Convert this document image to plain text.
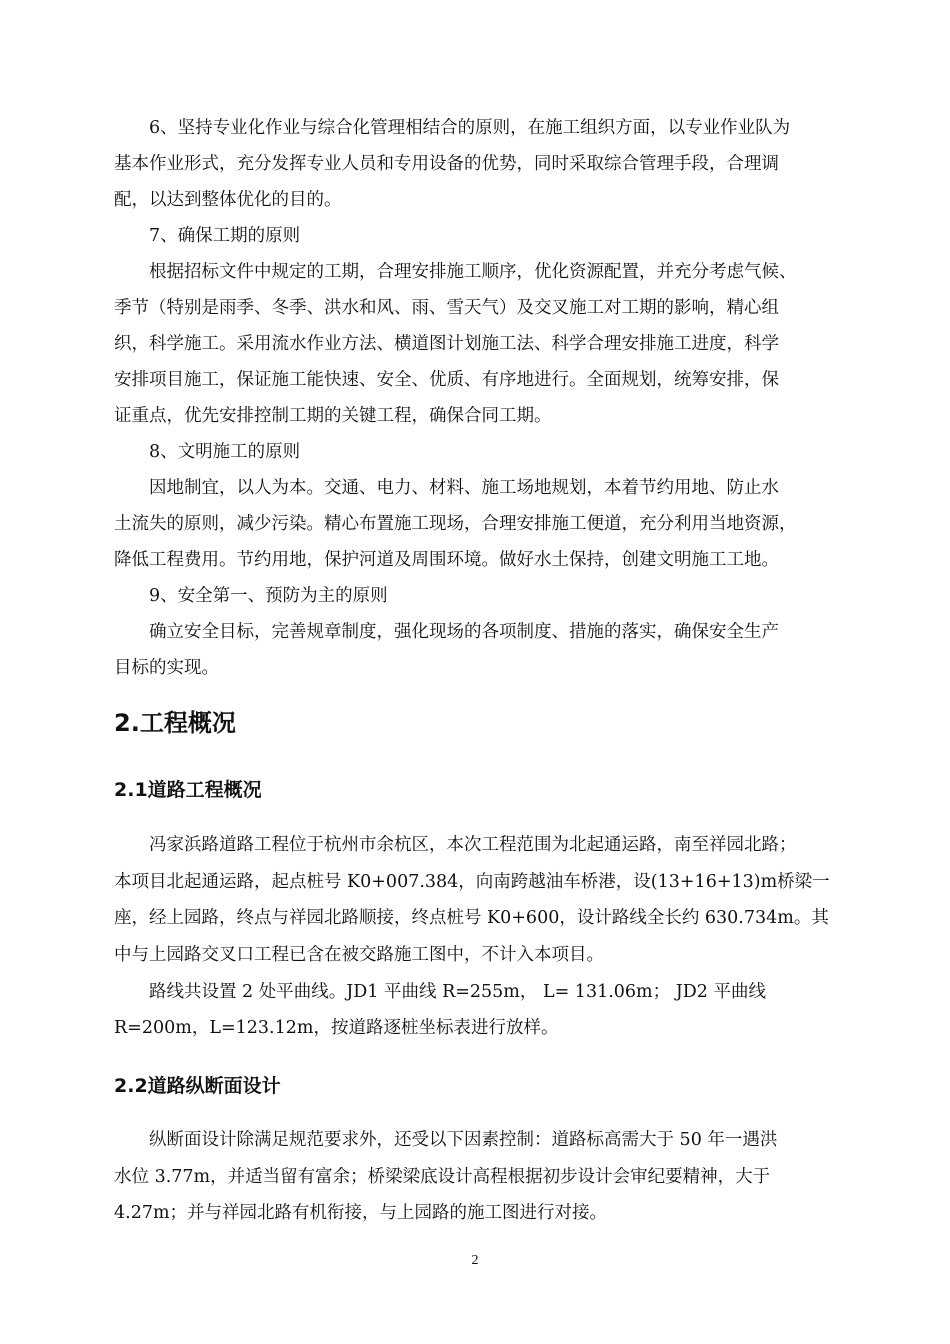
6、坚持专业化作业与综合化管理相结合的原则，在施工组织方面，以专业作业队为
基本作业形式，充分发挥专业人员和专用设备的优势，同时采取综合管理手段，合理调
配，以达到整体优化的目的。
7、确保工期的原则
根据招标文件中规定的工期，合理安排施工顺序，优化资源配置，并充分考虑气候、
季节（特别是雨季、冬季、洪水和风、雨、雪天气）及交叉施工对工期的影响，精心组
织，科学施工。采用流水作业方法、横道图计划施工法、科学合理安排施工进度，科学
安排项目施工，保证施工能快速、安全、优质、有序地进行。全面规划，统筹安排，保
证重点，优先安排控制工期的关键工程，确保合同工期。
8、文明施工的原则
因地制宜，以人为本。交通、电力、材料、施工场地规划，本着节约用地、防止水
土流失的原则，减少污染。精心布置施工现场，合理安排施工便道，充分利用当地资源，
降低工程费用。节约用地，保护河道及周围环境。做好水土保持，创建文明施工工地。
9、安全第一、预防为主的原则
确立安全目标，完善规章制度，强化现场的各项制度、措施的落实，确保安全生产
目标的实现。
2.工程概况
2.1道路工程概况
冯家浜路道路工程位于杭州市余杭区，本次工程范围为北起通运路，南至祥园北路；
本项目北起通运路，起点桩号 K0+007.384，向南跨越油车桥港，设(13+16+13)m桥梁一
座，经上园路，终点与祥园北路顺接，终点桩号 K0+600，设计路线全长约 630.734m。其
中与上园路交叉口工程已含在被交路施工图中，不计入本项目。
路线共设置 2 处平曲线。JD1 平曲线 R=255m， L= 131.06m； JD2 平曲线
R=200m，L=123.12m，按道路逐桩坐标表进行放样。
2.2道路纵断面设计
纵断面设计除满足规范要求外，还受以下因素控制：道路标高需大于 50 年一遇洪
水位 3.77m，并适当留有富余；桥梁梁底设计高程根据初步设计会审纪要精神，大于
4.27m；并与祥园北路有机衔接，与上园路的施工图进行对接。
2
